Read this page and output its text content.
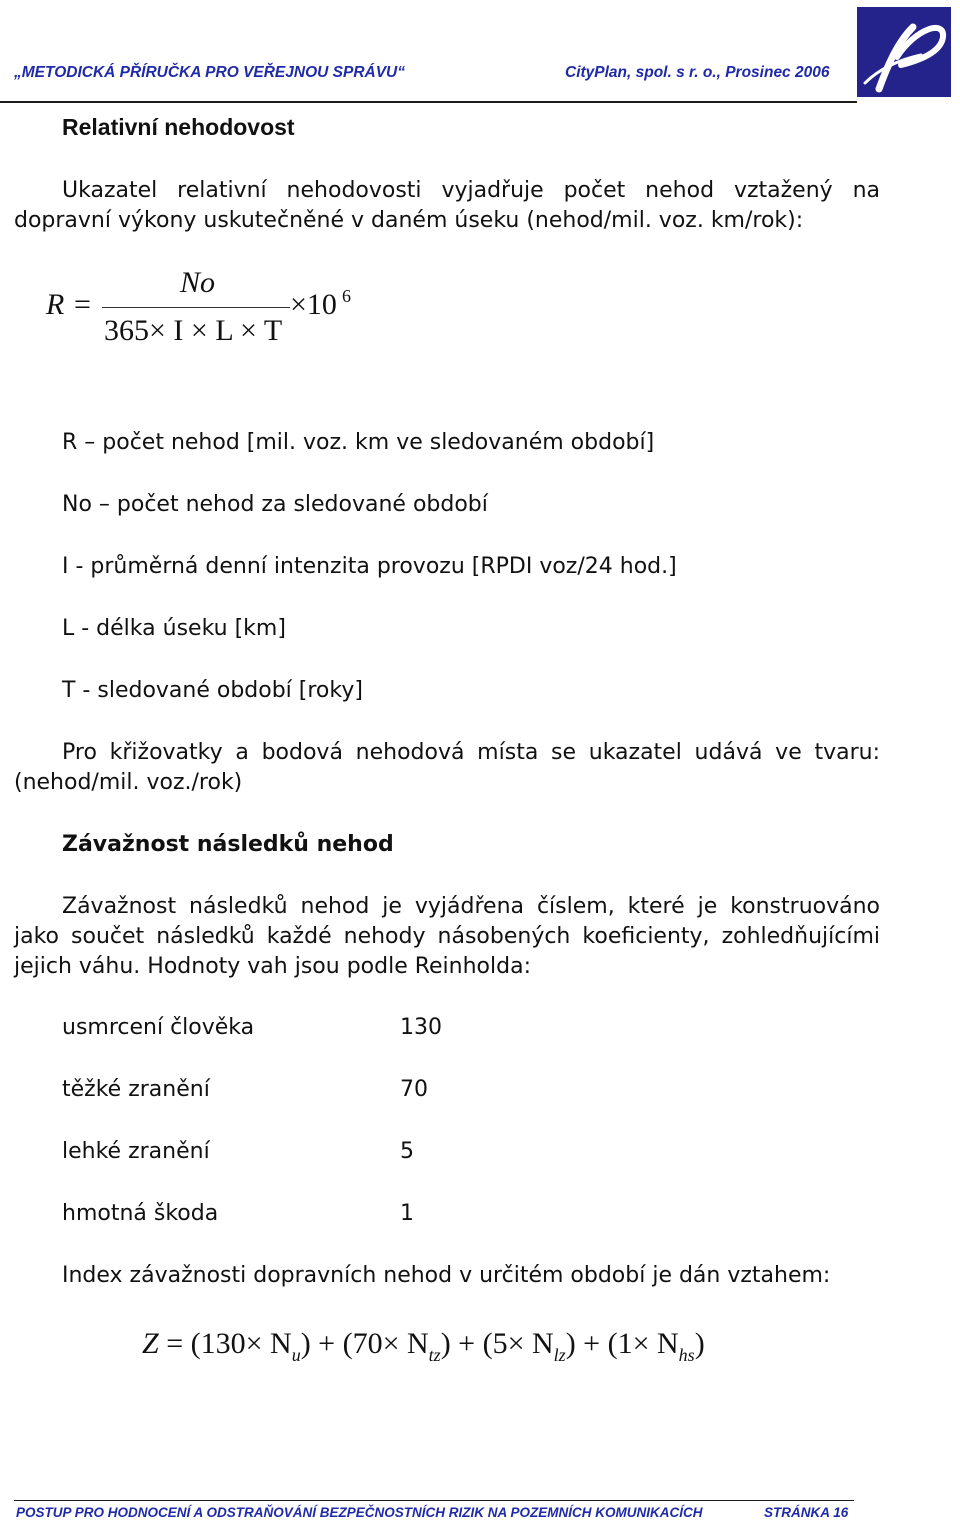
„METODICKÁ PŘÍRUČKA PRO VEŘEJNOU SPRÁVU“	CityPlan, spol. s r. o., Prosinec 2006
Relativní nehodovost
Ukazatel relativní nehodovosti vyjadřuje počet nehod vztažený na dopravní výkony uskutečněné v daném úseku (nehod/mil. voz. km/rok):
R =
No
365× I × L × T
×10 6
R – počet nehod [mil. voz. km ve sledovaném období]
No – počet nehod za sledované období
I - průměrná denní intenzita provozu [RPDI voz/24 hod.]
L - délka úseku [km]
T - sledované období [roky]
Pro křižovatky a bodová nehodová místa se ukazatel udává ve tvaru: (nehod/mil. voz./rok)
Závažnost následků nehod
Závažnost následků nehod je vyjádřena číslem, které je konstruováno jako součet následků každé nehody násobených koeficienty, zohledňujícími jejich váhu. Hodnoty vah jsou podle Reinholda:
usmrcení člověka	130
těžké zranění	70
lehké zranění	5
hmotná škoda	1
Index závažnosti dopravních nehod v určitém období je dán vztahem:
$Z = (130\times N_u) + (70\times N_{tz}) + (5\times N_{lz}) + (1\times N_{hs})$
POSTUP PRO HODNOCENÍ A ODSTRAŇOVÁNÍ BEZPEČNOSTNÍCH RIZIK NA POZEMNÍCH KOMUNIKACÍCH	STRÁNKA 16
